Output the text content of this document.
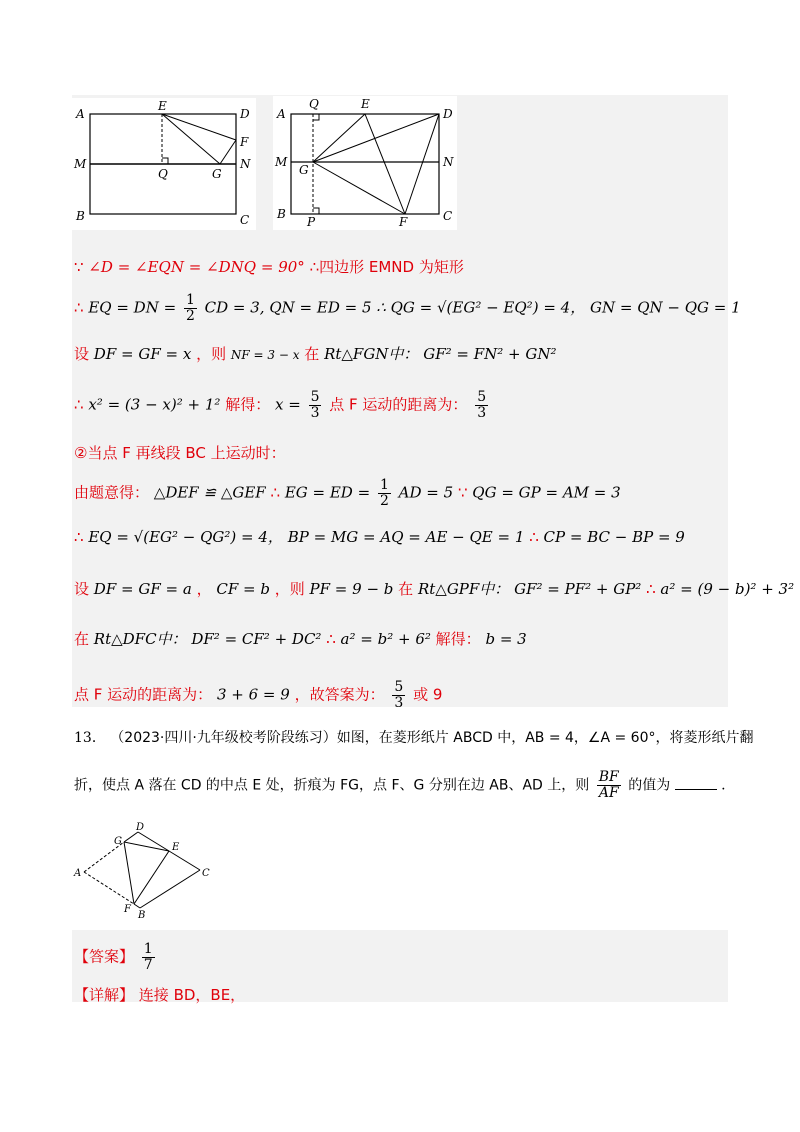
A
E
D
F
M
Q	G
N
B	C
Q	E
A	D
M
G
N
B
P	F	C
∵ ∠D = ∠EQN = ∠DNQ = 90° ∴四边形 EMND 为矩形
∴ EQ = DN = $\frac{1}{2}$ CD = 3, QN = ED = 5 ∴ QG = √(EG² − EQ²) = 4， GN = QN − QG = 1
设 DF = GF = x ，则 NF = 3 − x 在 Rt△FGN中： GF² = FN² + GN²
∴ x² = (3 − x)² + 1² 解得： $x = \frac{5}{3}$ 点 F 运动的距离为： $\frac{5}{3}$
②当点 F 再线段 BC 上运动时：
由题意得： △DEF ≌ △GEF ∴ EG = ED = $\frac{1}{2}$ AD = 5 ∵ QG = GP = AM = 3
∴ EQ = √(EG² − QG²) = 4， BP = MG = AQ = AE − QE = 1 ∴ CP = BC − BP = 9
设 DF = GF = a ， CF = b ，则 PF = 9 − b 在 Rt△GPF中： GF² = PF² + GP² ∴ a² = (9 − b)² + 3²
在 Rt△DFC中： DF² = CF² + DC² ∴ a² = b² + 6² 解得： b = 3
点 F 运动的距离为： 3 + 6 = 9 ，故答案为： $\frac{5}{3}$ 或 9
13． （2023·四川·九年级校考阶段练习）如图，在菱形纸片 ABCD 中，AB = 4，∠A = 60°，将菱形纸片翻
折，使点 A 落在 CD 的中点 E 处，折痕为 FG，点 F、G 分别在边 AB、AD 上，则 $\frac{BF}{AF}$ 的值为	.
G
D
E
A	C
F
B
【答案】 $\frac{1}{7}$
【详解】 连接 BD，BE，
